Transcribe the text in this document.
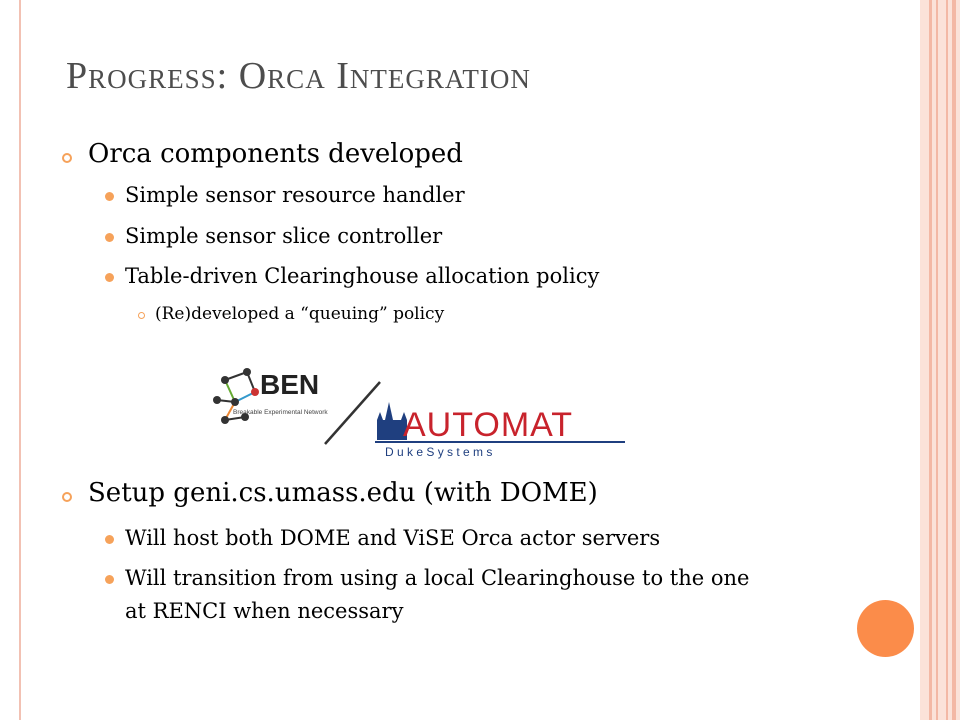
Progress: Orca Integration
Orca components developed
Simple sensor resource handler
Simple sensor slice controller
Table-driven Clearinghouse allocation policy
(Re)developed a “queuing” policy
BEN
Breakable Experimental Network AUTOMAT
D u k e S y s t e m s
Setup geni.cs.umass.edu (with DOME)
Will host both DOME and ViSE Orca actor servers
Will transition from using a local Clearinghouse to the one
at RENCI when necessary
